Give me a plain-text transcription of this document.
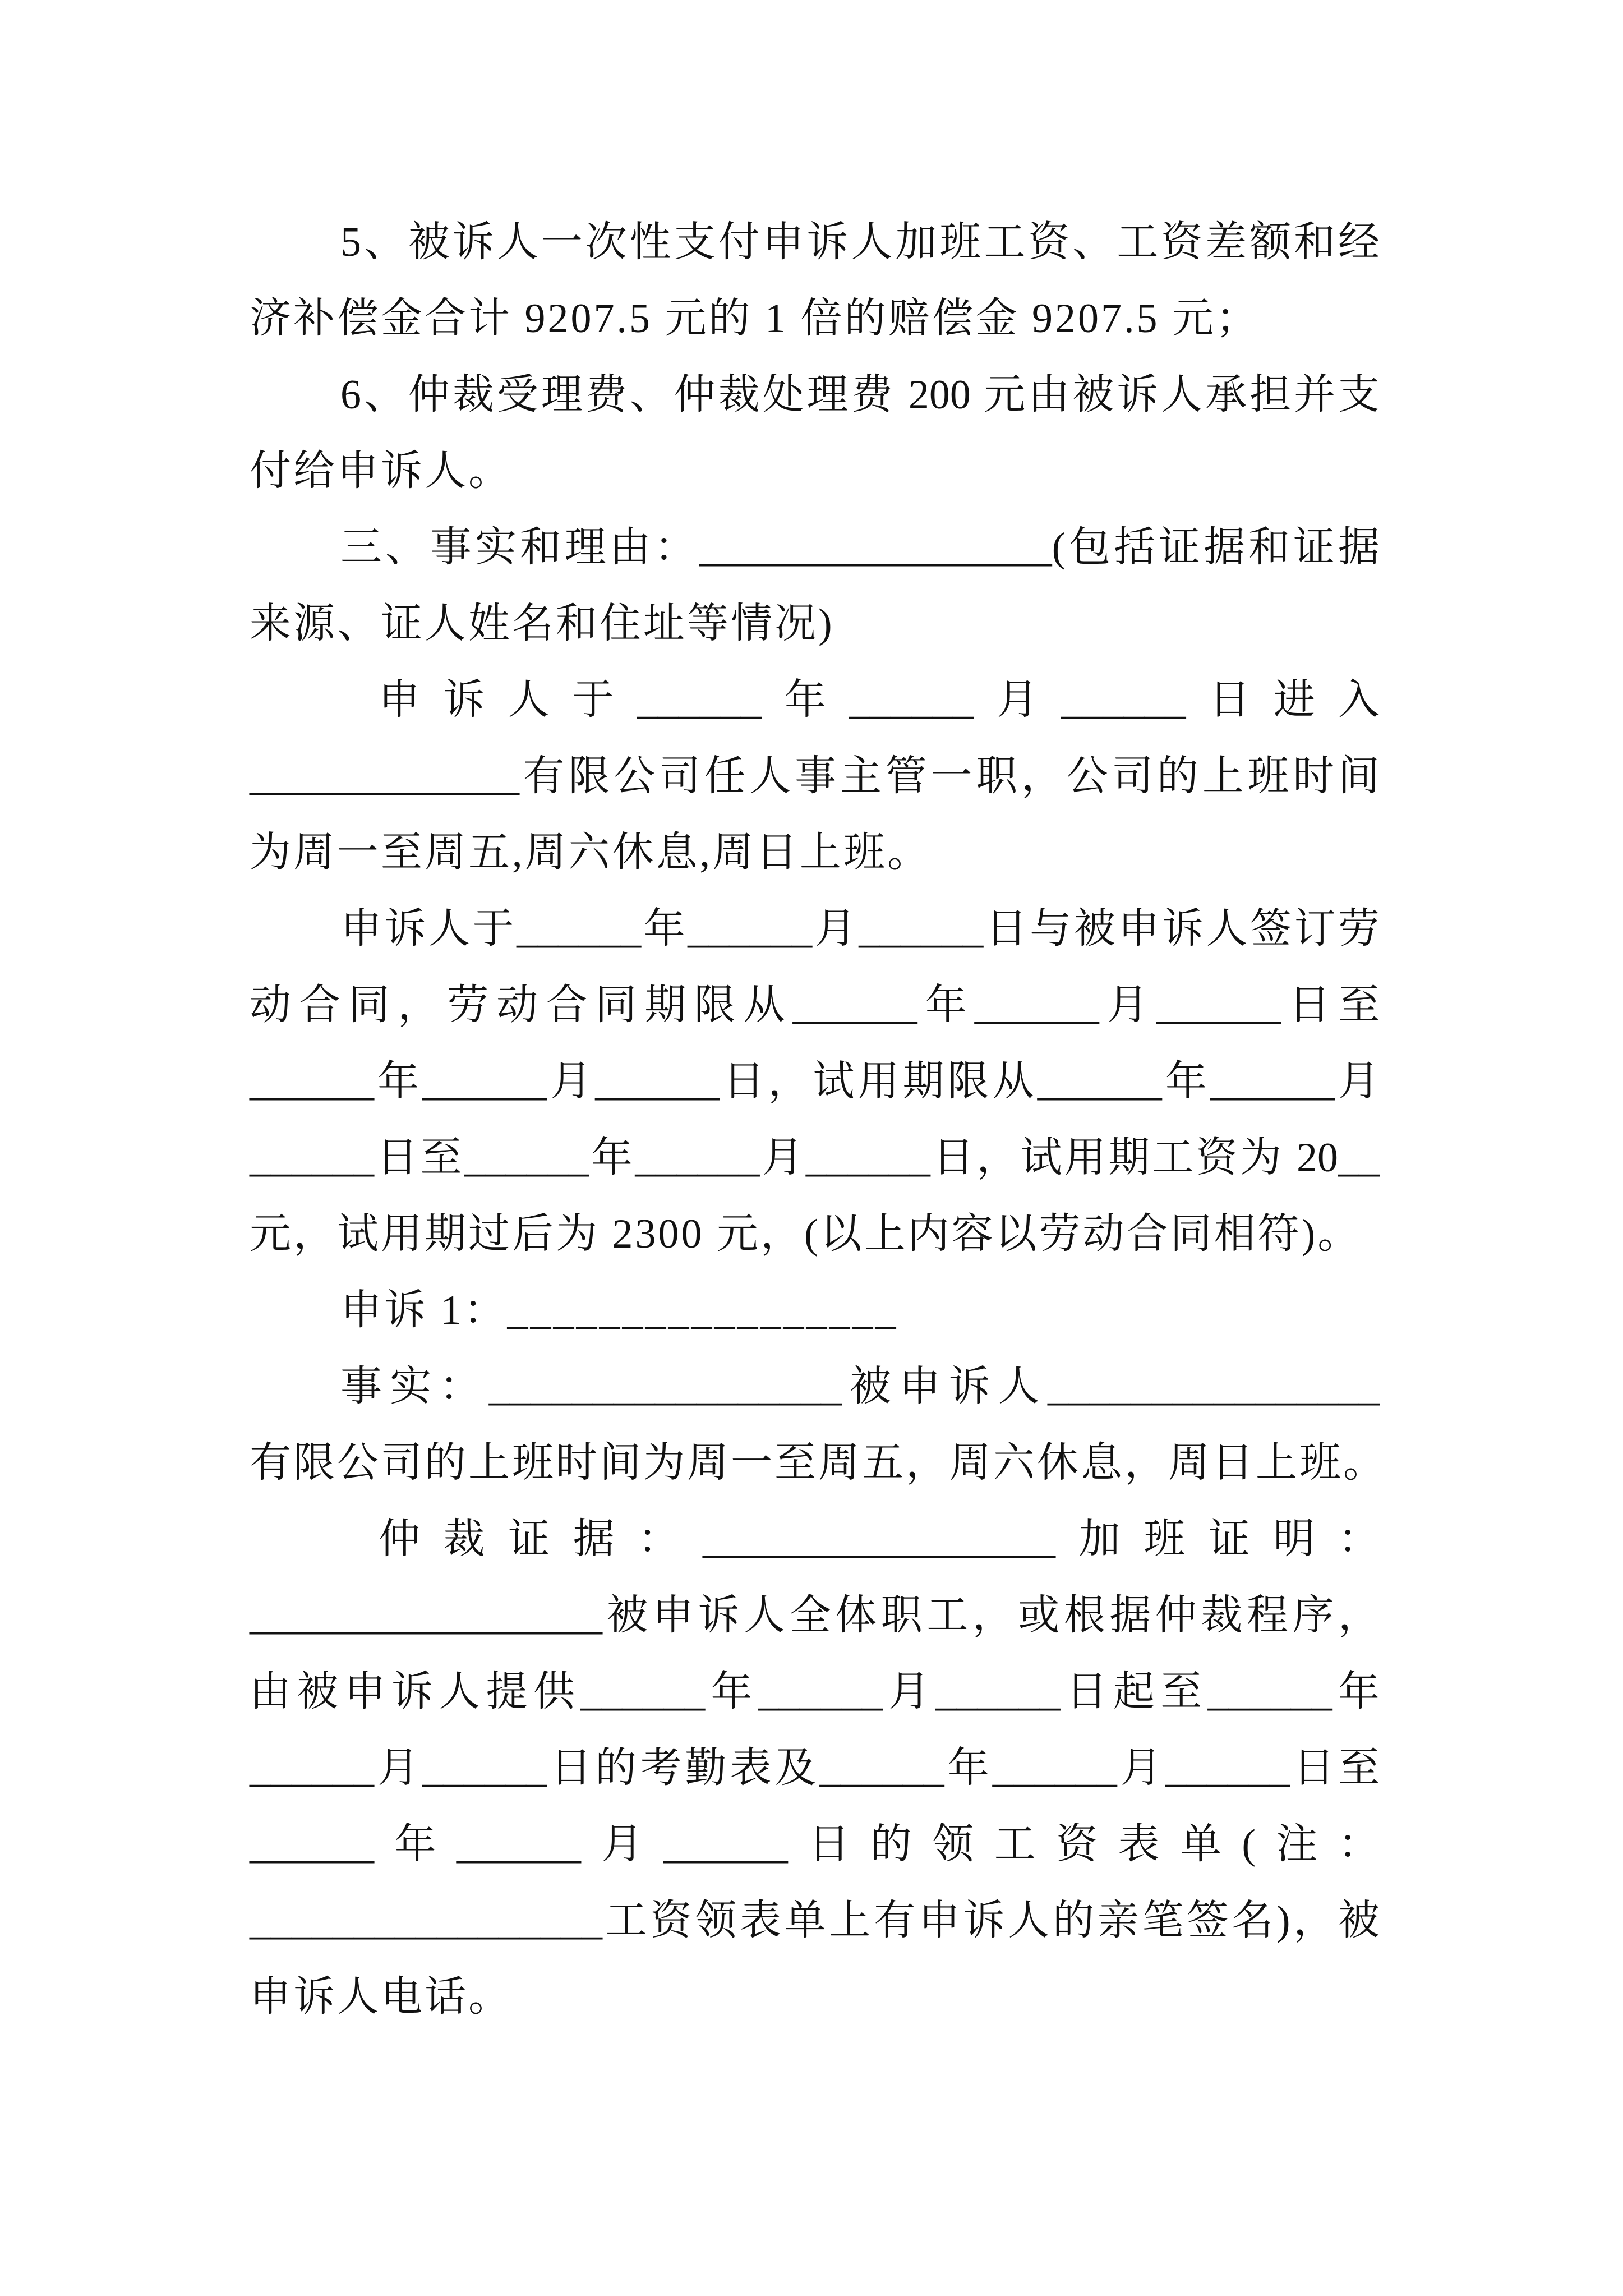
5、被诉人一次性支付申诉人加班工资、工资差额和经
济补偿金合计 9207.5 元的 1 倍的赔偿金 9207.5 元；
6、仲裁受理费、仲裁处理费 200 元由被诉人承担并支
付给申诉人。
三、事实和理由：_________________(包括证据和证据
来源、证人姓名和住址等情况)
申诉人于______年______月______日进入
_____________有限公司任人事主管一职，公司的上班时间
为周一至周五,周六休息,周日上班。
申诉人于______年______月______日与被申诉人签订劳
动合同，劳动合同期限从______年______月______日至
______年______月______日，试用期限从______年______月
______日至______年______月______日，试用期工资为 20__
元，试用期过后为 2300 元，(以上内容以劳动合同相符)。
申诉 1：_________________
事实：_________________被申诉人________________
有限公司的上班时间为周一至周五，周六休息，周日上班。
仲裁证据：_________________加班证明：
_________________被申诉人全体职工，或根据仲裁程序，
由被申诉人提供______年______月______日起至______年
______月______日的考勤表及______年______月______日至
______年______月______日的领工资表单(注：
_________________工资领表单上有申诉人的亲笔签名)，被
申诉人电话。
